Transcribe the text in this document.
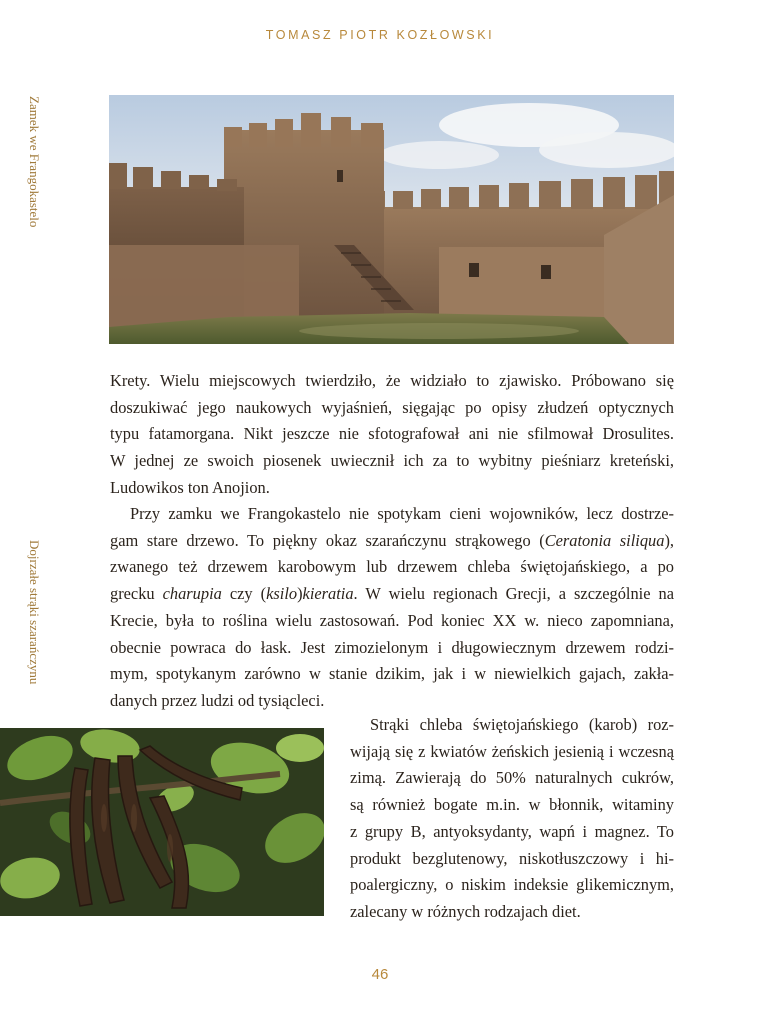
TOMASZ PIOTR KOZŁOWSKI
Zamek we Frangokastelo
Dojrzałe strąki szarańczynu
Krety. Wielu miejscowych twierdziło, że widziało to zjawisko. Próbowano się
doszukiwać jego naukowych wyjaśnień, sięgając po opisy złudzeń optycznych
typu fatamorgana. Nikt jeszcze nie sfotografował ani nie sfilmował Drosulites.
W jednej ze swoich piosenek uwiecznił ich za to wybitny pieśniarz kreteński,
Ludowikos ton Anojion.
Przy zamku we Frangokastelo nie spotykam cieni wojowników, lecz dostrze-
gam stare drzewo. To piękny okaz szarańczynu strąkowego (Ceratonia siliqua),
zwanego też drzewem karobowym lub drzewem chleba świętojańskiego, a po
grecku charupia czy (ksilo)kieratia. W wielu regionach Grecji, a szczególnie na
Krecie, była to roślina wielu zastosowań. Pod koniec XX w. nieco zapomniana,
obecnie powraca do łask. Jest zimozielonym i długowiecznym drzewem rodzi-
mym, spotykanym zarówno w stanie dzikim, jak i w niewielkich gajach, zakła-
danych przez ludzi od tysiącleci.
Strąki chleba świętojańskiego (karob) roz-
wijają się z kwiatów żeńskich jesienią i wczesną
zimą. Zawierają do 50% naturalnych cukrów,
są również bogate m.in. w błonnik, witaminy
z grupy B, antyoksydanty, wapń i magnez. To
produkt bezglutenowy, niskotłuszczowy i hi-
poalergiczny, o niskim indeksie glikemicznym,
zalecany w różnych rodzajach diet.
46
